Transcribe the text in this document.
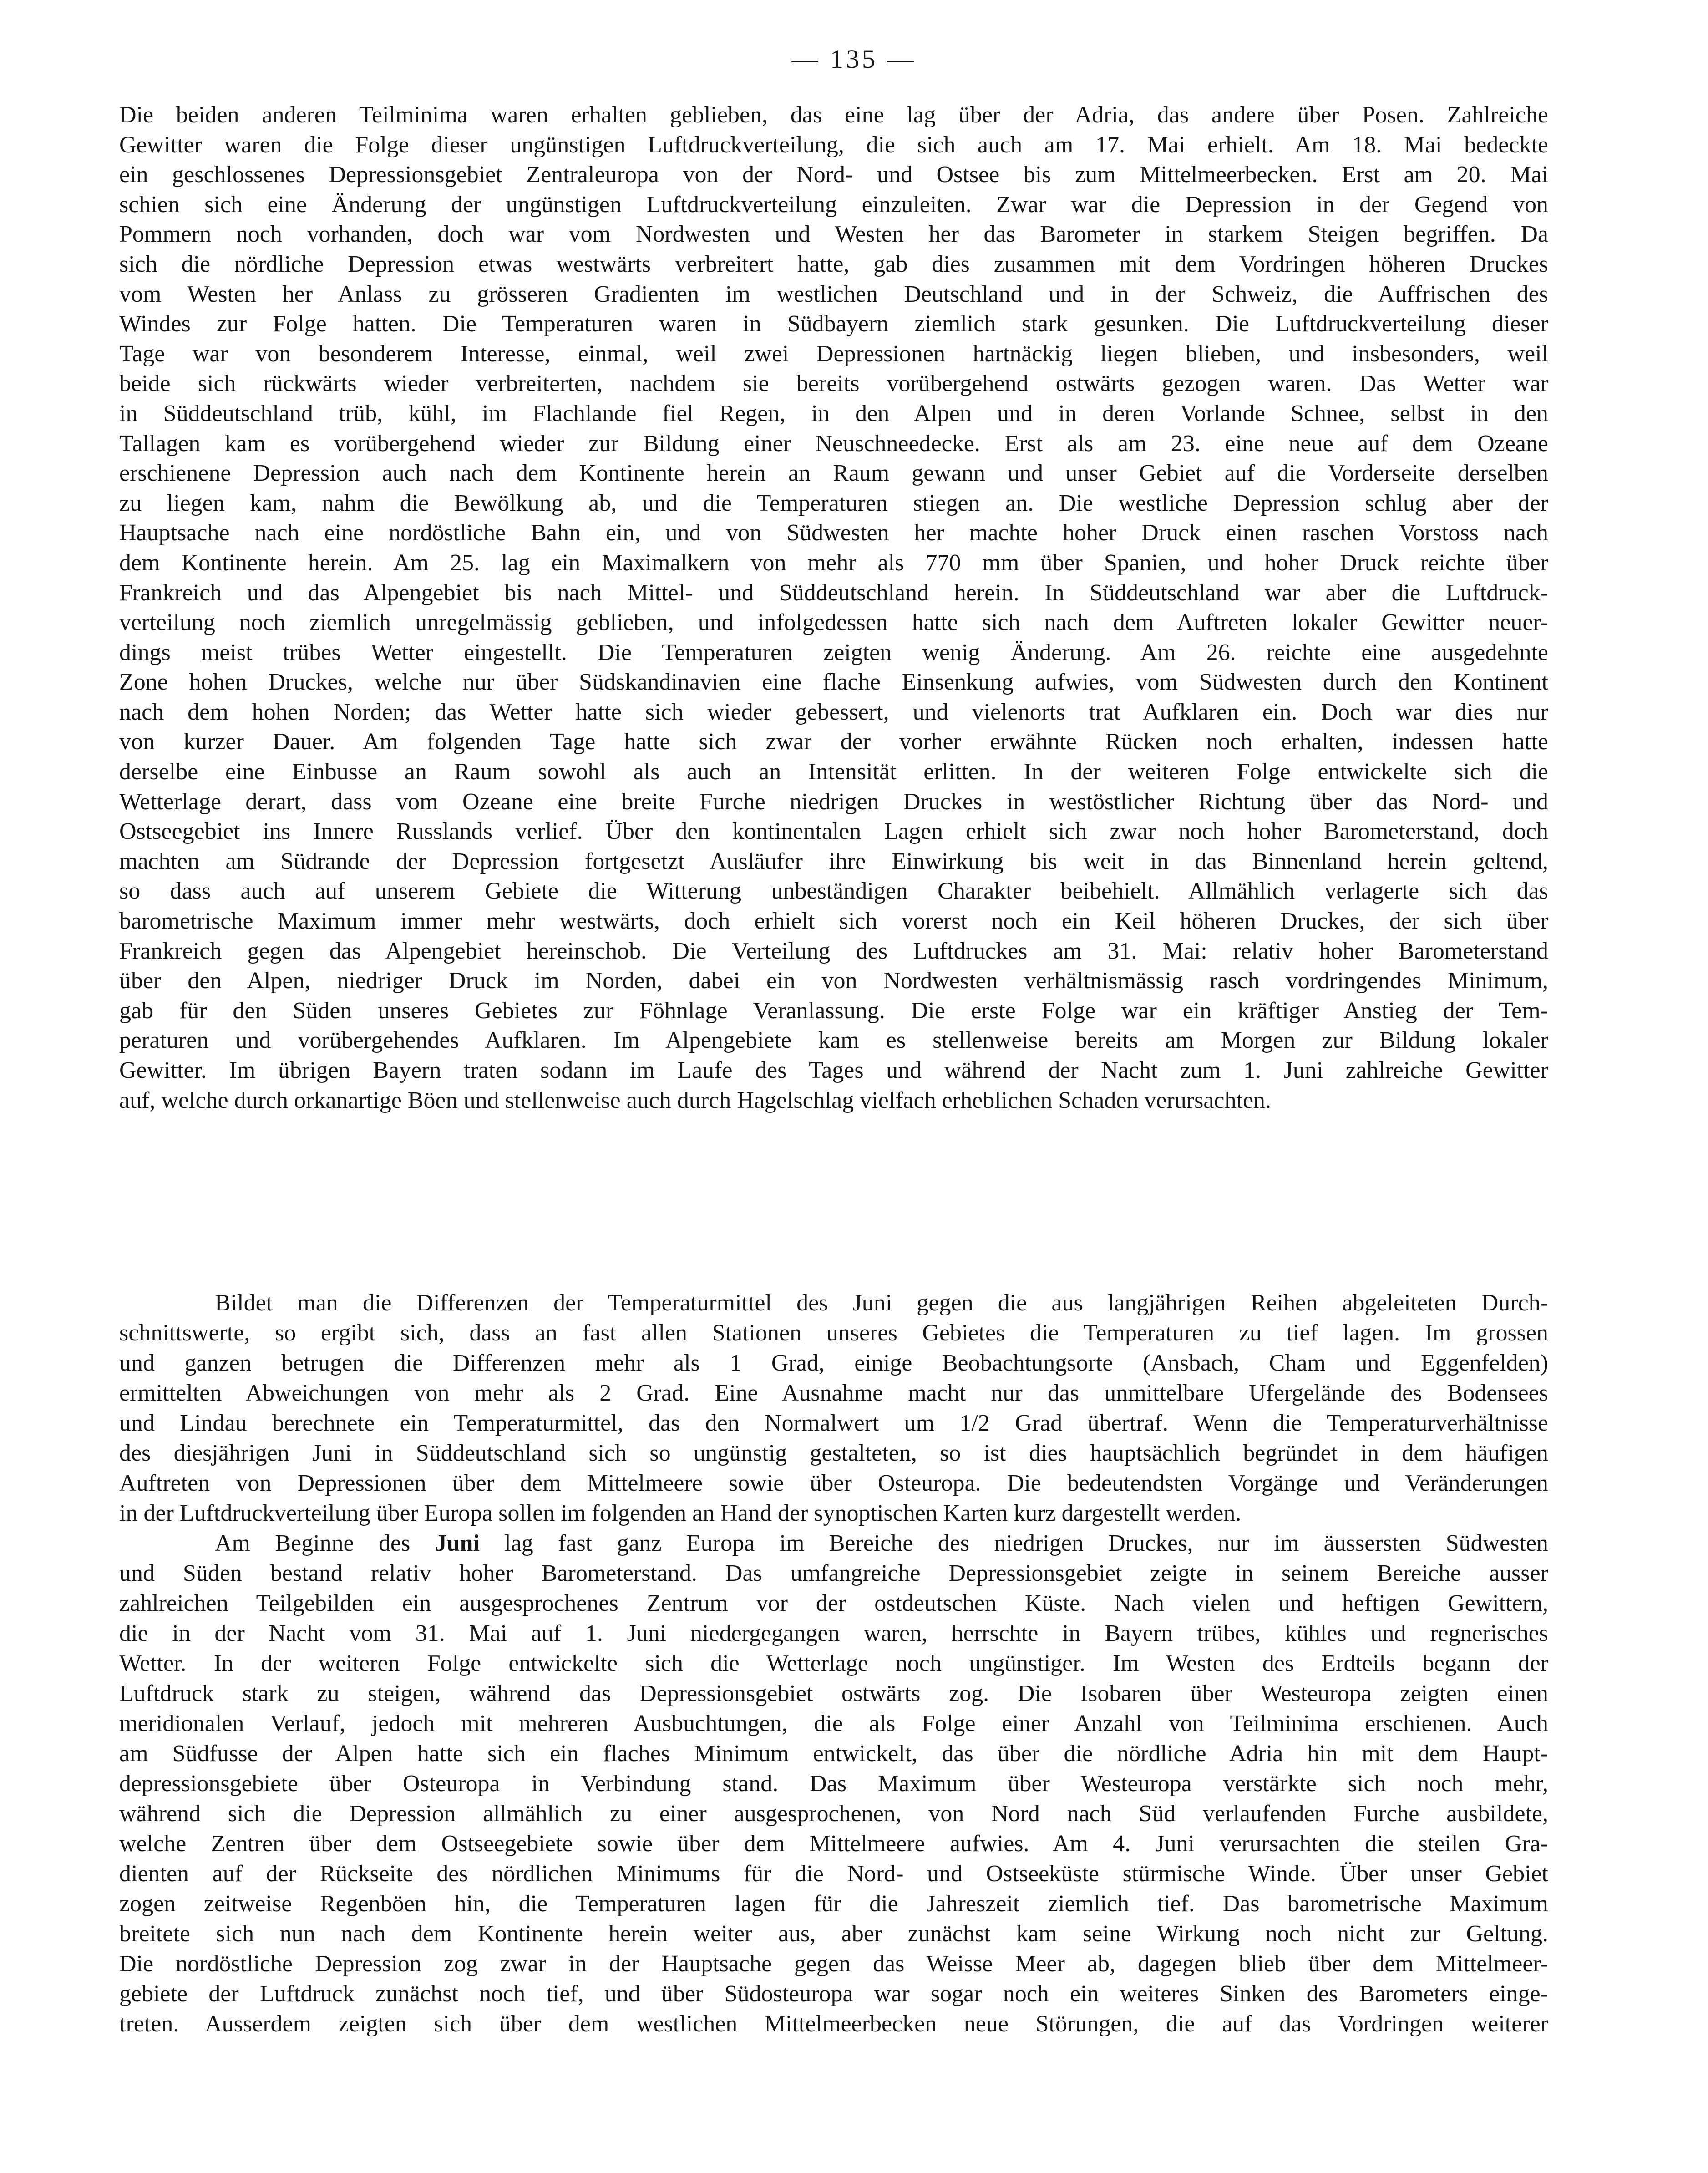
— 135 —
Die beiden anderen Teilminima waren erhalten geblieben, das eine lag über der Adria, das andere über Posen. Zahlreiche
Gewitter waren die Folge dieser ungünstigen Luftdruckverteilung, die sich auch am 17. Mai erhielt. Am 18. Mai bedeckte
ein geschlossenes Depressionsgebiet Zentraleuropa von der Nord- und Ostsee bis zum Mittelmeerbecken. Erst am 20. Mai
schien sich eine Änderung der ungünstigen Luftdruckverteilung einzuleiten. Zwar war die Depression in der Gegend von
Pommern noch vorhanden, doch war vom Nordwesten und Westen her das Barometer in starkem Steigen begriffen. Da
sich die nördliche Depression etwas westwärts verbreitert hatte, gab dies zusammen mit dem Vordringen höheren Druckes
vom Westen her Anlass zu grösseren Gradienten im westlichen Deutschland und in der Schweiz, die Auffrischen des
Windes zur Folge hatten. Die Temperaturen waren in Südbayern ziemlich stark gesunken. Die Luftdruckverteilung dieser
Tage war von besonderem Interesse, einmal, weil zwei Depressionen hartnäckig liegen blieben, und insbesonders, weil
beide sich rückwärts wieder verbreiterten, nachdem sie bereits vorübergehend ostwärts gezogen waren. Das Wetter war
in Süddeutschland trüb, kühl, im Flachlande fiel Regen, in den Alpen und in deren Vorlande Schnee, selbst in den
Tallagen kam es vorübergehend wieder zur Bildung einer Neuschneedecke. Erst als am 23. eine neue auf dem Ozeane
erschienene Depression auch nach dem Kontinente herein an Raum gewann und unser Gebiet auf die Vorderseite derselben
zu liegen kam, nahm die Bewölkung ab, und die Temperaturen stiegen an. Die westliche Depression schlug aber der
Hauptsache nach eine nordöstliche Bahn ein, und von Südwesten her machte hoher Druck einen raschen Vorstoss nach
dem Kontinente herein. Am 25. lag ein Maximalkern von mehr als 770 mm über Spanien, und hoher Druck reichte über
Frankreich und das Alpengebiet bis nach Mittel- und Süddeutschland herein. In Süddeutschland war aber die Luftdruck-
verteilung noch ziemlich unregelmässig geblieben, und infolgedessen hatte sich nach dem Auftreten lokaler Gewitter neuer-
dings meist trübes Wetter eingestellt. Die Temperaturen zeigten wenig Änderung. Am 26. reichte eine ausgedehnte
Zone hohen Druckes, welche nur über Südskandinavien eine flache Einsenkung aufwies, vom Südwesten durch den Kontinent
nach dem hohen Norden; das Wetter hatte sich wieder gebessert, und vielenorts trat Aufklaren ein. Doch war dies nur
von kurzer Dauer. Am folgenden Tage hatte sich zwar der vorher erwähnte Rücken noch erhalten, indessen hatte
derselbe eine Einbusse an Raum sowohl als auch an Intensität erlitten. In der weiteren Folge entwickelte sich die
Wetterlage derart, dass vom Ozeane eine breite Furche niedrigen Druckes in westöstlicher Richtung über das Nord- und
Ostseegebiet ins Innere Russlands verlief. Über den kontinentalen Lagen erhielt sich zwar noch hoher Barometerstand, doch
machten am Südrande der Depression fortgesetzt Ausläufer ihre Einwirkung bis weit in das Binnenland herein geltend,
so dass auch auf unserem Gebiete die Witterung unbeständigen Charakter beibehielt. Allmählich verlagerte sich das
barometrische Maximum immer mehr westwärts, doch erhielt sich vorerst noch ein Keil höheren Druckes, der sich über
Frankreich gegen das Alpengebiet hereinschob. Die Verteilung des Luftdruckes am 31. Mai: relativ hoher Barometerstand
über den Alpen, niedriger Druck im Norden, dabei ein von Nordwesten verhältnismässig rasch vordringendes Minimum,
gab für den Süden unseres Gebietes zur Föhnlage Veranlassung. Die erste Folge war ein kräftiger Anstieg der Tem-
peraturen und vorübergehendes Aufklaren. Im Alpengebiete kam es stellenweise bereits am Morgen zur Bildung lokaler
Gewitter. Im übrigen Bayern traten sodann im Laufe des Tages und während der Nacht zum 1. Juni zahlreiche Gewitter
auf, welche durch orkanartige Böen und stellenweise auch durch Hagelschlag vielfach erheblichen Schaden verursachten.
Bildet man die Differenzen der Temperaturmittel des Juni gegen die aus langjährigen Reihen abgeleiteten Durch-
schnittswerte, so ergibt sich, dass an fast allen Stationen unseres Gebietes die Temperaturen zu tief lagen. Im grossen
und ganzen betrugen die Differenzen mehr als 1 Grad, einige Beobachtungsorte (Ansbach, Cham und Eggenfelden)
ermittelten Abweichungen von mehr als 2 Grad. Eine Ausnahme macht nur das unmittelbare Ufergelände des Bodensees
und Lindau berechnete ein Temperaturmittel, das den Normalwert um 1/2 Grad übertraf. Wenn die Temperaturverhältnisse
des diesjährigen Juni in Süddeutschland sich so ungünstig gestalteten, so ist dies hauptsächlich begründet in dem häufigen
Auftreten von Depressionen über dem Mittelmeere sowie über Osteuropa. Die bedeutendsten Vorgänge und Veränderungen
in der Luftdruckverteilung über Europa sollen im folgenden an Hand der synoptischen Karten kurz dargestellt werden.
Am Beginne des Juni lag fast ganz Europa im Bereiche des niedrigen Druckes, nur im äussersten Südwesten
und Süden bestand relativ hoher Barometerstand. Das umfangreiche Depressionsgebiet zeigte in seinem Bereiche ausser
zahlreichen Teilgebilden ein ausgesprochenes Zentrum vor der ostdeutschen Küste. Nach vielen und heftigen Gewittern,
die in der Nacht vom 31. Mai auf 1. Juni niedergegangen waren, herrschte in Bayern trübes, kühles und regnerisches
Wetter. In der weiteren Folge entwickelte sich die Wetterlage noch ungünstiger. Im Westen des Erdteils begann der
Luftdruck stark zu steigen, während das Depressionsgebiet ostwärts zog. Die Isobaren über Westeuropa zeigten einen
meridionalen Verlauf, jedoch mit mehreren Ausbuchtungen, die als Folge einer Anzahl von Teilminima erschienen. Auch
am Südfusse der Alpen hatte sich ein flaches Minimum entwickelt, das über die nördliche Adria hin mit dem Haupt-
depressionsgebiete über Osteuropa in Verbindung stand. Das Maximum über Westeuropa verstärkte sich noch mehr,
während sich die Depression allmählich zu einer ausgesprochenen, von Nord nach Süd verlaufenden Furche ausbildete,
welche Zentren über dem Ostseegebiete sowie über dem Mittelmeere aufwies. Am 4. Juni verursachten die steilen Gra-
dienten auf der Rückseite des nördlichen Minimums für die Nord- und Ostseeküste stürmische Winde. Über unser Gebiet
zogen zeitweise Regenböen hin, die Temperaturen lagen für die Jahreszeit ziemlich tief. Das barometrische Maximum
breitete sich nun nach dem Kontinente herein weiter aus, aber zunächst kam seine Wirkung noch nicht zur Geltung.
Die nordöstliche Depression zog zwar in der Hauptsache gegen das Weisse Meer ab, dagegen blieb über dem Mittelmeer-
gebiete der Luftdruck zunächst noch tief, und über Südosteuropa war sogar noch ein weiteres Sinken des Barometers einge-
treten. Ausserdem zeigten sich über dem westlichen Mittelmeerbecken neue Störungen, die auf das Vordringen weiterer
